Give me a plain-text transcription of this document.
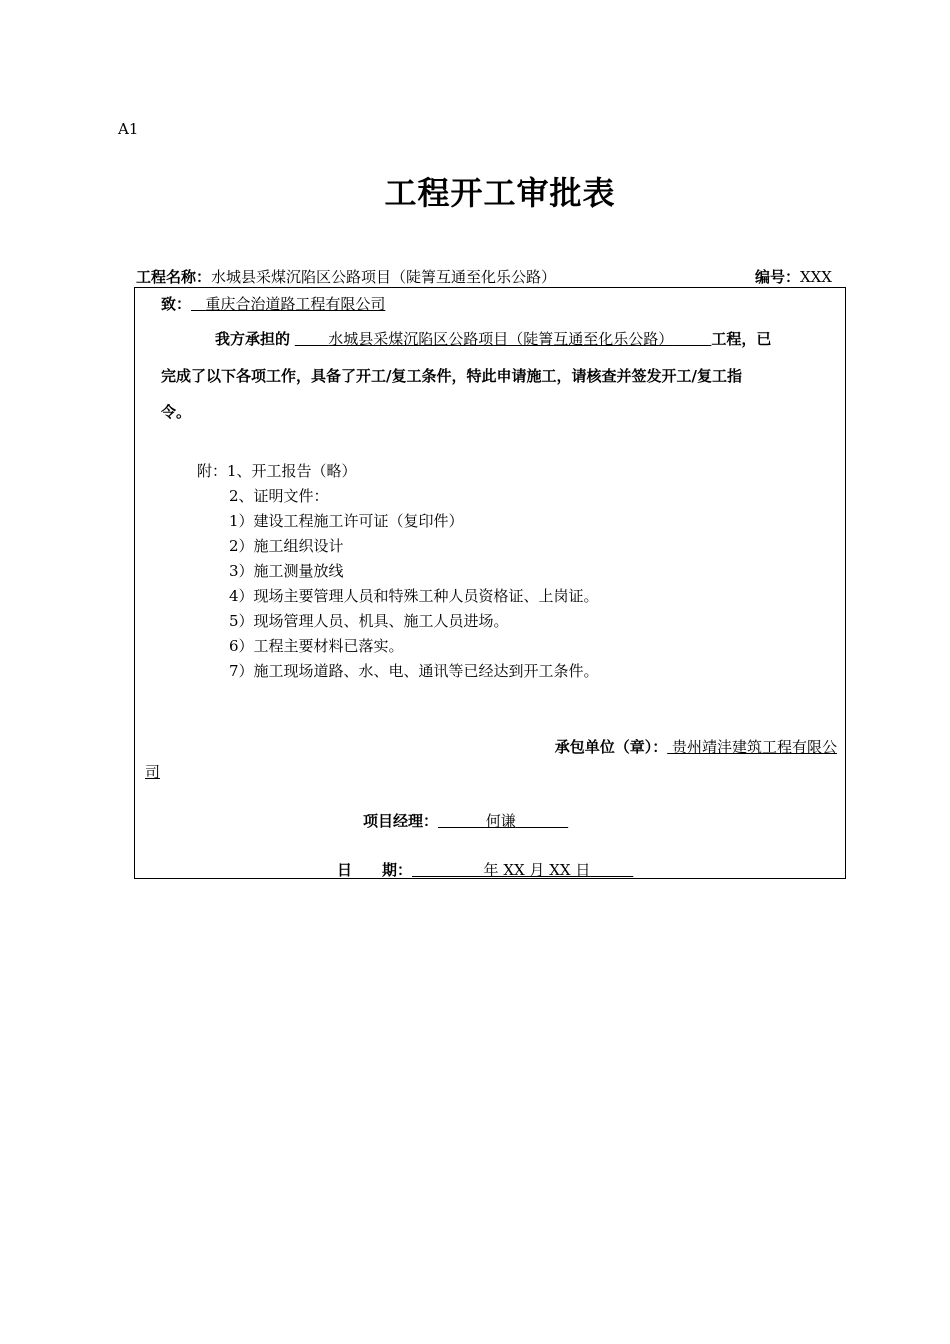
A1
工程开工审批表
工程名称：水城县采煤沉陷区公路项目（陡箐互通至化乐公路）	编号：XXX
致： 重庆合治道路工程有限公司
我方承担的	水城县采煤沉陷区公路项目（陡箐互通至化乐公路）	工程，已
完成了以下各项工作，具备了开工/复工条件，特此申请施工，请核查并签发开工/复工指
令。
附：1、开工报告（略）
2、证明文件：
1）建设工程施工许可证（复印件）
2）施工组织设计
3）施工测量放线
4）现场主要管理人员和特殊工种人员资格证、上岗证。
5）现场管理人员、机具、施工人员进场。
6）工程主要材料已落实。
7）施工现场道路、水、电、通讯等已经达到开工条件。
承包单位（章）： 贵州靖沣建筑工程有限公
司
项目经理：	何谦
日　　期：	年 XX 月 XX 日
